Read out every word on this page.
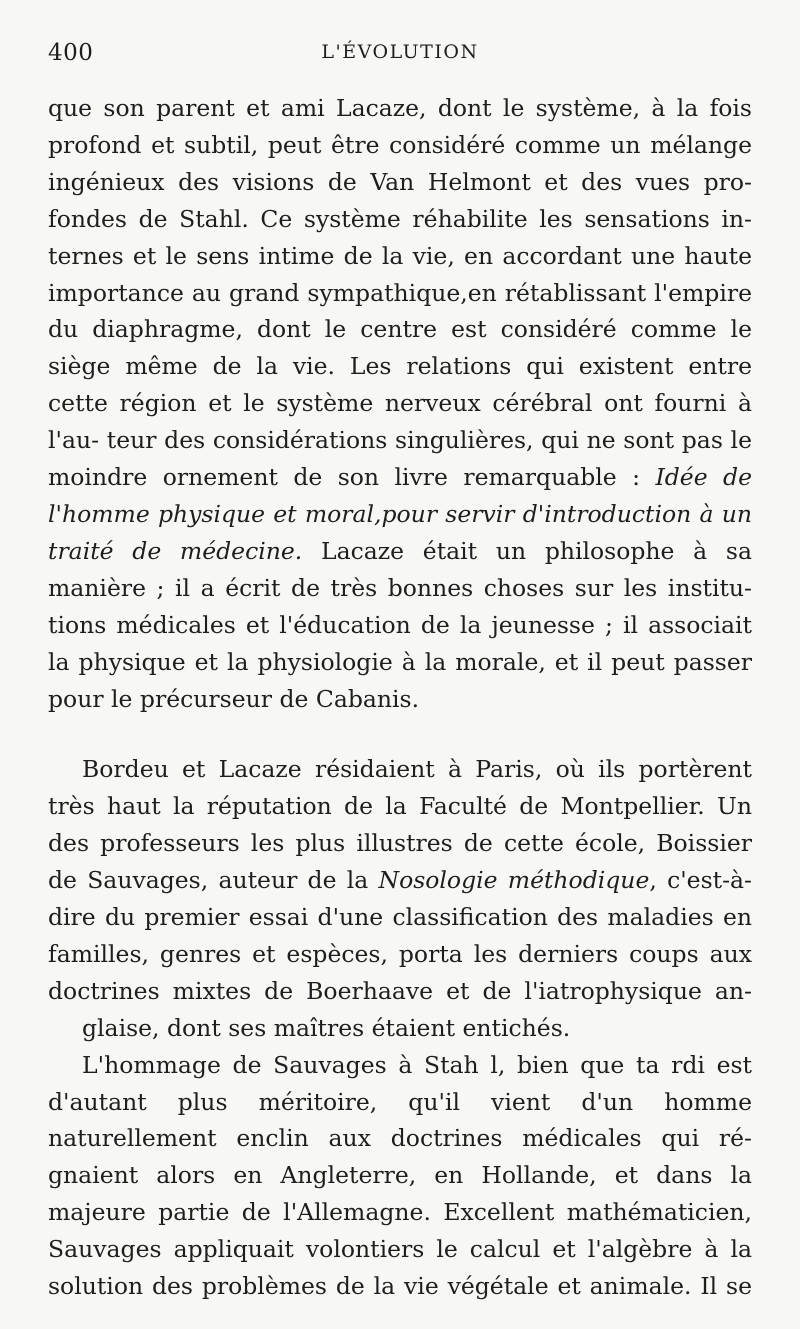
400	L'ÉVOLUTION

que son parent et ami Lacaze, dont le système, à la fois profond et subtil, peut être considéré comme un mélange ingénieux des visions de Van Helmont et des vues pro- fondes de Stahl. Ce système réhabilite les sensations in- ternes et le sens intime de la vie, en accordant une haute importance au grand sympathique,en rétablissant l'empire du diaphragme, dont le centre est considéré comme le siège même de la vie. Les relations qui existent entre cette région et le système nerveux cérébral ont fourni à l'au- teur des considérations singulières, qui ne sont pas le moindre ornement de son livre remarquable : Idée de l'homme physique et moral,pour servir d'introduction à un traité de médecine. Lacaze était un philosophe à sa manière ; il a écrit de très bonnes choses sur les institu- tions médicales et l'éducation de la jeunesse ; il associait la physique et la physiologie à la morale, et il peut passer
pour le précurseur de Cabanis.

Bordeu et Lacaze résidaient à Paris, où ils portèrent très haut la réputation de la Faculté de Montpellier. Un des professeurs les plus illustres de cette école, Boissier de Sauvages, auteur de la Nosologie méthodique, c'est-à- dire du premier essai d'une classification des maladies en familles, genres et espèces, porta les derniers coups aux doctrines mixtes de Boerhaave et de l'iatrophysique an-
glaise, dont ses maîtres étaient entichés.

L'hommage de Sauvages à Stah l, bien que ta rdi est d'autant plus méritoire, qu'il vient d'un homme naturellement enclin aux doctrines médicales qui ré- gnaient alors en Angleterre, en Hollande, et dans la majeure partie de l'Allemagne. Excellent mathématicien, Sauvages appliquait volontiers le calcul et l'algèbre à la solution des problèmes de la vie végétale et animale. Il se
